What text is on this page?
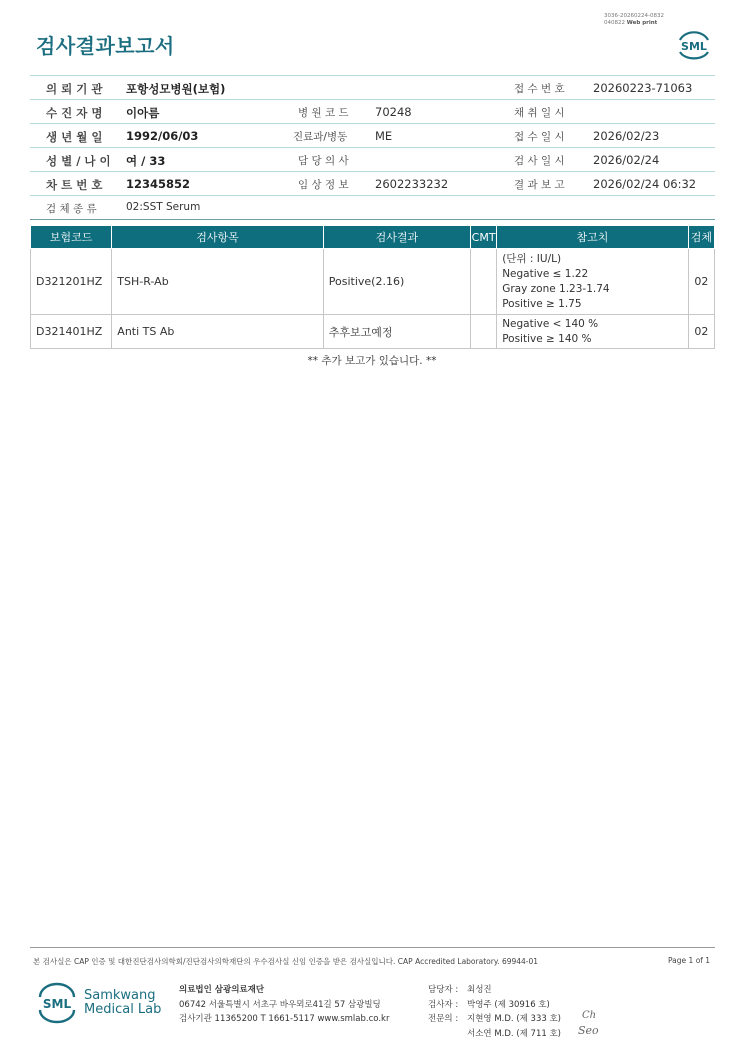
검사결과보고서
3036-20260224-0832
040822 Web print
SML
의 뢰 기 관 포항성모병원(보험)	접 수 번 호 20260223-71063
수 진 자 명 이아름	병 원 코 드 70248	채 취 일 시
생 년 월 일 1992/06/03	진료과/병동 ME	접 수 일 시 2026/02/23
성 별 / 나 이 여 / 33	담 당 의 사	검 사 일 시 2026/02/24
차 트 번 호 12345852	임 상 정 보 2602233232	결 과 보 고 2026/02/24 06:32
검 체 종 류	02:SST Serum
보험코드	검사항목	검사결과	CMT	참고치	검체
D321201HZ	TSH-R-Ab	Positive(2.16)		(단위 : IU/L)
Negative ≤ 1.22
Gray zone 1.23-1.74
Positive ≥ 1.75	02
D321401HZ	Anti TS Ab	추후보고예정		Negative < 140 %
Positive ≥ 140 %	02
** 추가 보고가 있습니다. **
본 검사실은 CAP 인증 및 대한진단검사의학회/진단검사의학재단의 우수검사실 신임 인증을 받은 검사실입니다. CAP Accredited Laboratory. 69944-01	Page 1 of 1
SML
Samkwang
Medical Lab
의료법인 삼광의료재단
06742 서울특별시 서초구 바우뫼로41길 57 삼광빌딩
검사기관 11365200 T 1661-5117 www.smlab.co.kr
담당자 : 최성진
검사자 : 박영주 (제 30916 호)
전문의 : 지현영 M.D. (제 333 호)
서소연 M.D. (제 711 호)
Ch
Seo
